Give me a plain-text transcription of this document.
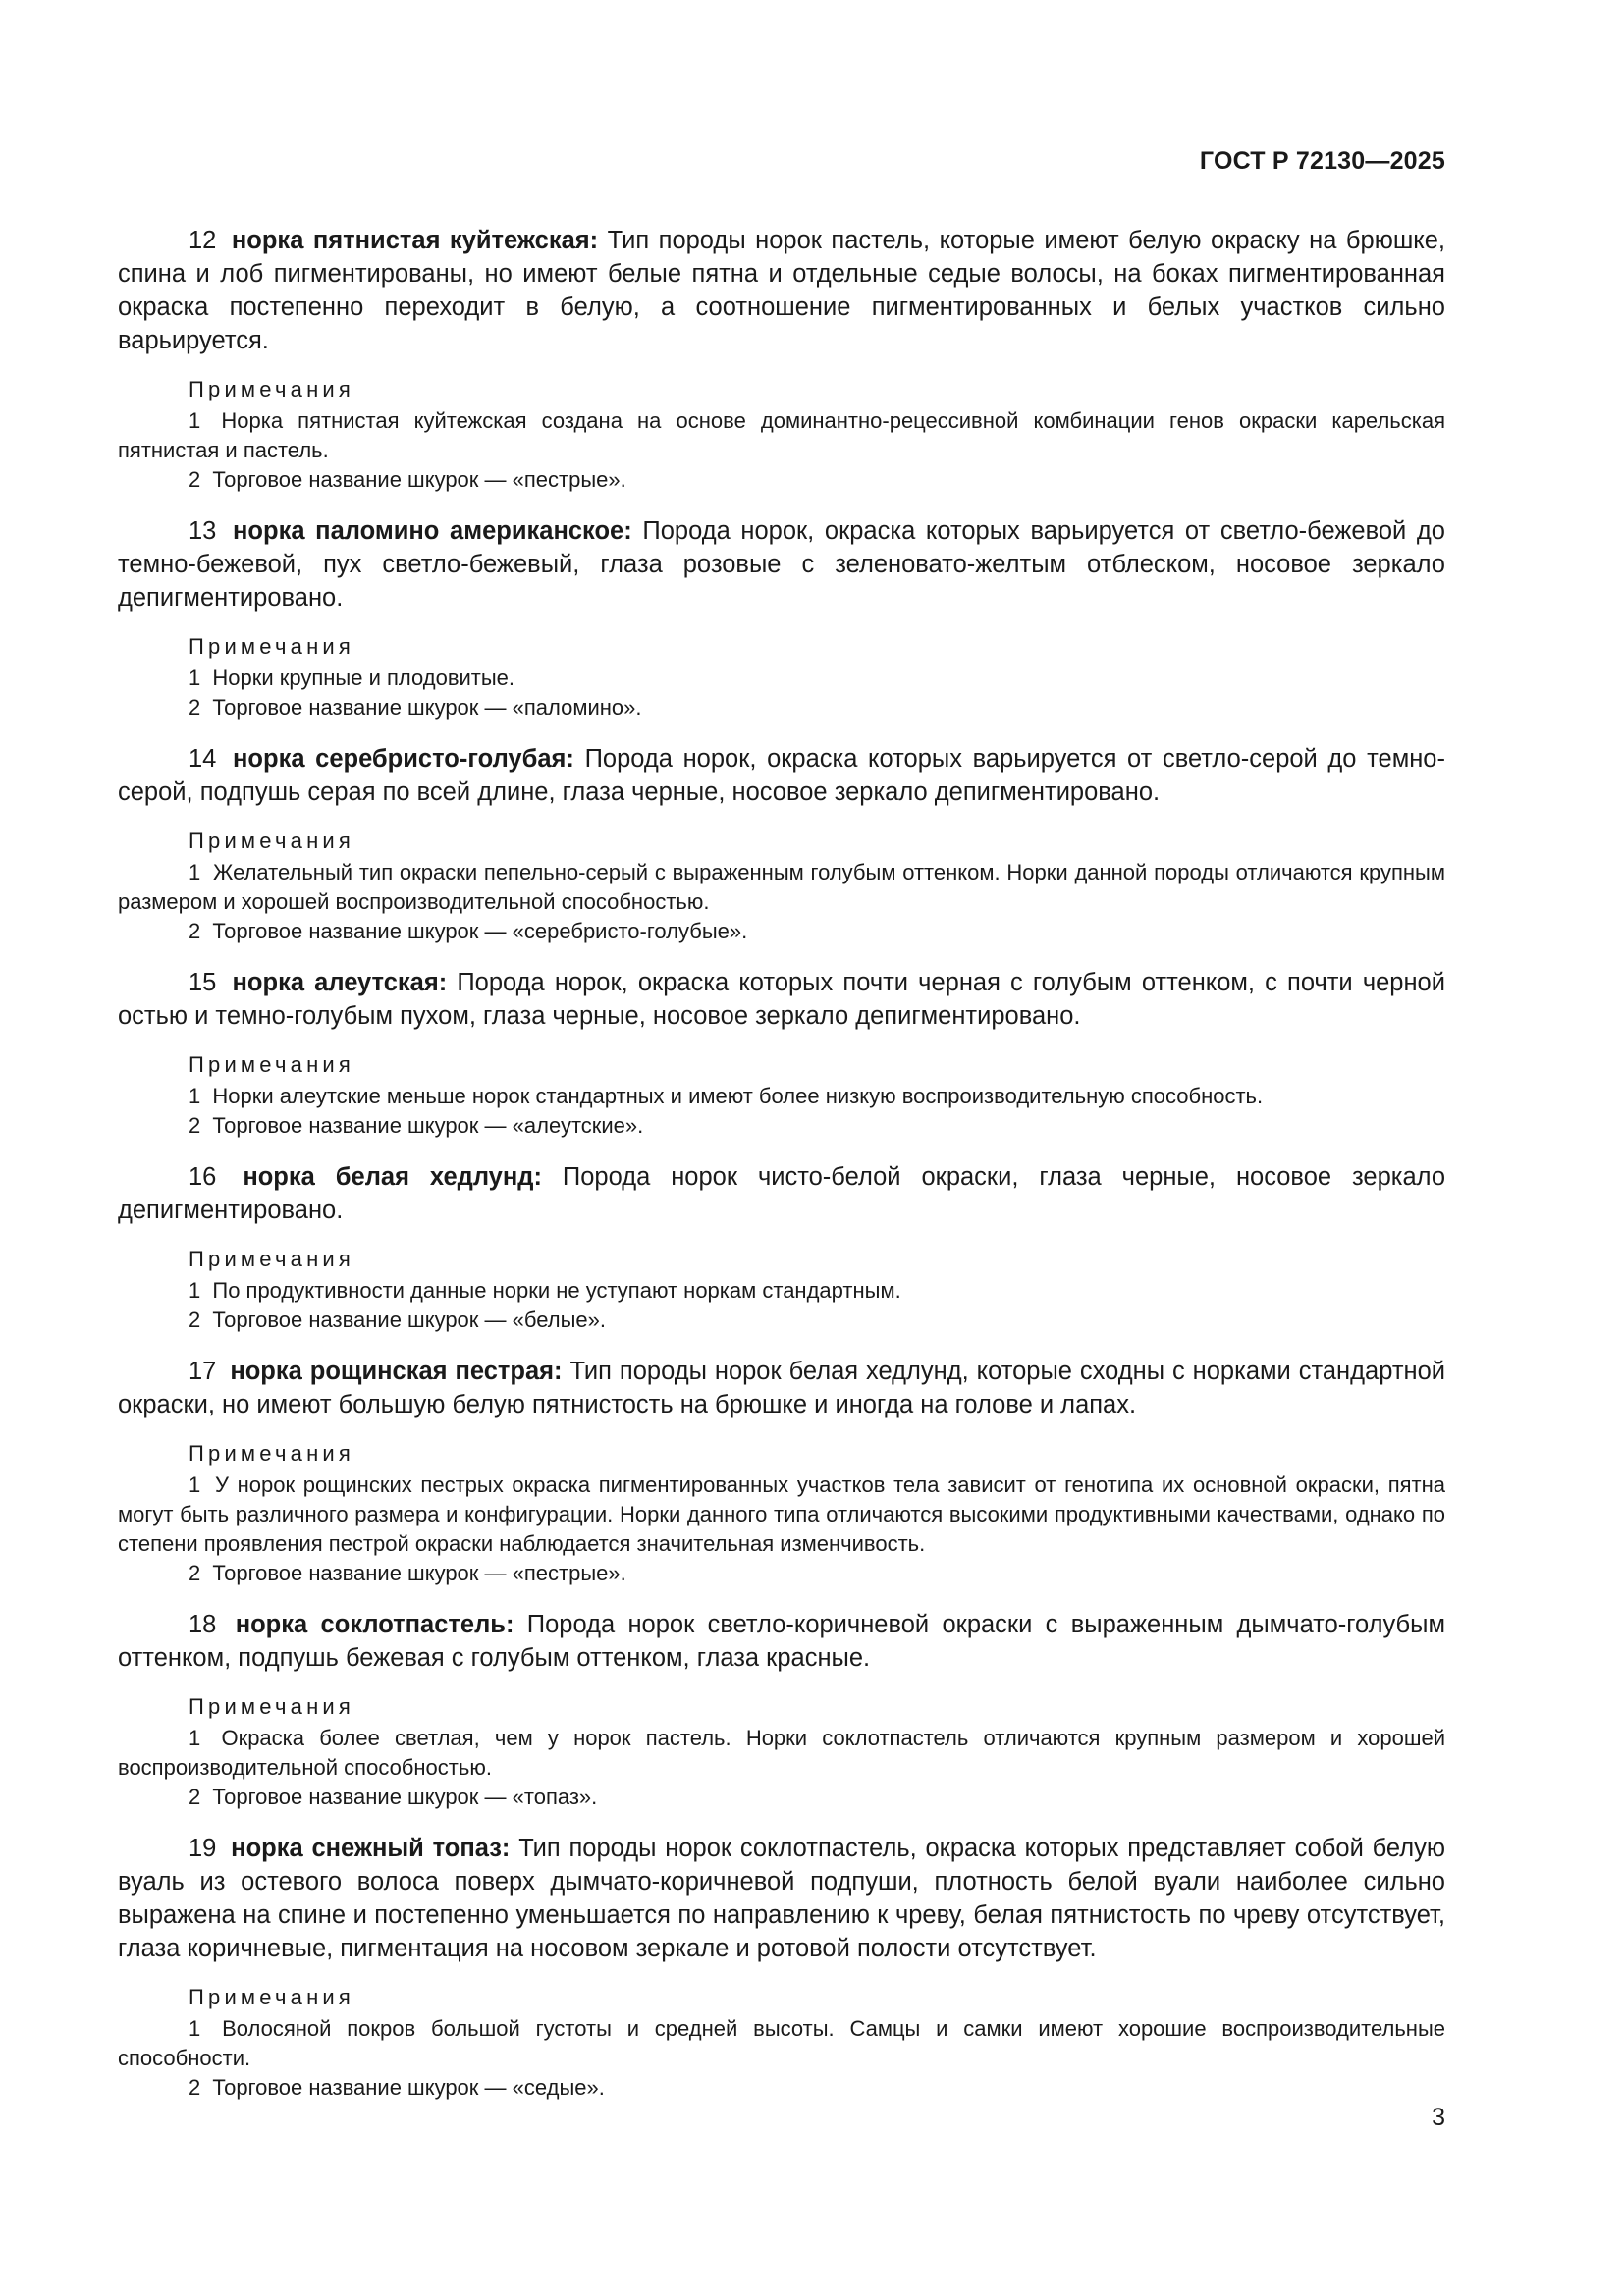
ГОСТ Р 72130—2025

12 норка пятнистая куйтежская: Тип породы норок пастель, которые имеют белую окраску на брюшке, спина и лоб пигментированы, но имеют белые пятна и отдельные седые волосы, на боках пигментированная окраска постепенно переходит в белую, а соотношение пигментированных и белых участков сильно варьируется.

Примечания

1 Норка пятнистая куйтежская создана на основе доминантно-рецессивной комбинации генов окраски карельская пятнистая и пастель.

2 Торговое название шкурок — «пестрые».

13 норка паломино американское: Порода норок, окраска которых варьируется от светло-бежевой до темно-бежевой, пух светло-бежевый, глаза розовые с зеленовато-желтым отблеском, носовое зеркало депигментировано.

Примечания

1 Норки крупные и плодовитые.

2 Торговое название шкурок — «паломино».

14 норка серебристо-голубая: Порода норок, окраска которых варьируется от светло-серой до темно-серой, подпушь серая по всей длине, глаза черные, носовое зеркало депигментировано.

Примечания

1 Желательный тип окраски пепельно-серый с выраженным голубым оттенком. Норки данной породы отличаются крупным размером и хорошей воспроизводительной способностью.

2 Торговое название шкурок — «серебристо-голубые».

15 норка алеутская: Порода норок, окраска которых почти черная с голубым оттенком, с почти черной остью и темно-голубым пухом, глаза черные, носовое зеркало депигментировано.

Примечания

1 Норки алеутские меньше норок стандартных и имеют более низкую воспроизводительную способность.

2 Торговое название шкурок — «алеутские».

16 норка белая хедлунд: Порода норок чисто-белой окраски, глаза черные, носовое зеркало депигментировано.

Примечания

1 По продуктивности данные норки не уступают норкам стандартным.

2 Торговое название шкурок — «белые».

17 норка рощинская пестрая: Тип породы норок белая хедлунд, которые сходны с норками стандартной окраски, но имеют большую белую пятнистость на брюшке и иногда на голове и лапах.

Примечания

1 У норок рощинских пестрых окраска пигментированных участков тела зависит от генотипа их основной окраски, пятна могут быть различного размера и конфигурации. Норки данного типа отличаются высокими продуктивными качествами, однако по степени проявления пестрой окраски наблюдается значительная изменчивость.

2 Торговое название шкурок — «пестрые».

18 норка соклотпастель: Порода норок светло-коричневой окраски с выраженным дымчато-голубым оттенком, подпушь бежевая с голубым оттенком, глаза красные.

Примечания

1 Окраска более светлая, чем у норок пастель. Норки соклотпастель отличаются крупным размером и хорошей воспроизводительной способностью.

2 Торговое название шкурок — «топаз».

19 норка снежный топаз: Тип породы норок соклотпастель, окраска которых представляет собой белую вуаль из остевого волоса поверх дымчато-коричневой подпуши, плотность белой вуали наиболее сильно выражена на спине и постепенно уменьшается по направлению к чреву, белая пятнистость по чреву отсутствует, глаза коричневые, пигментация на носовом зеркале и ротовой полости отсутствует.

Примечания

1 Волосяной покров большой густоты и средней высоты. Самцы и самки имеют хорошие воспроизводительные способности.

2 Торговое название шкурок — «седые».

3
